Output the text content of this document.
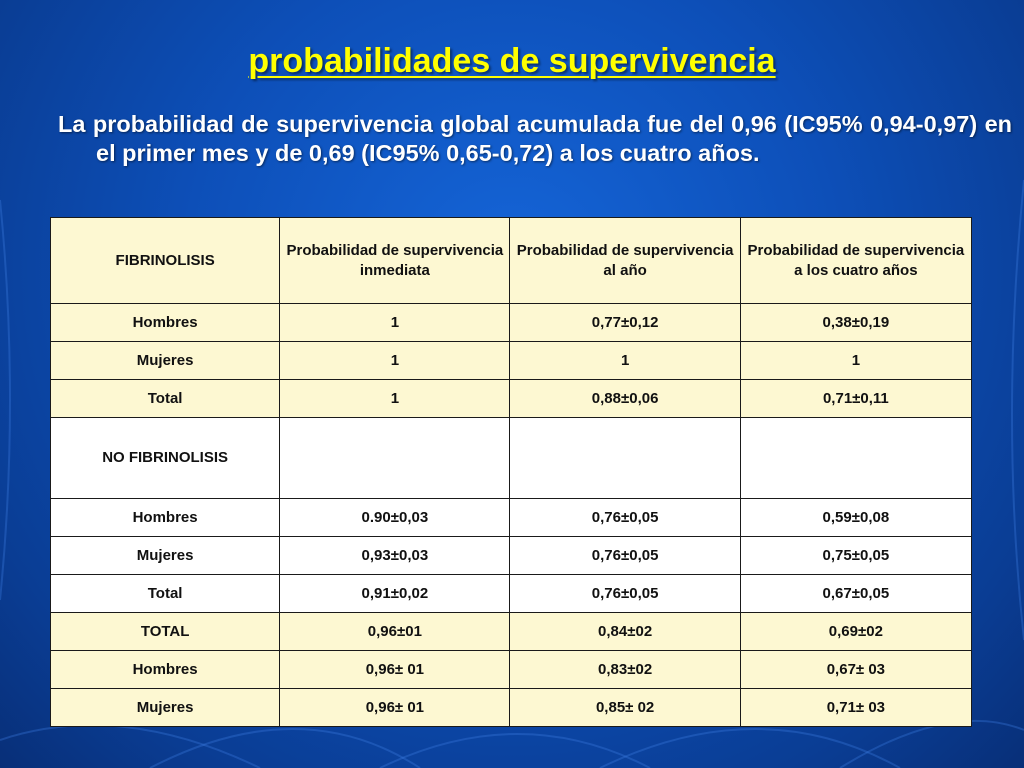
probabilidades de supervivencia
La probabilidad de supervivencia global acumulada fue del 0,96 (IC95% 0,94-0,97) en el primer mes y de 0,69 (IC95% 0,65-0,72) a los cuatro años.
FIBRINOLISIS	Probabilidad de supervivencia inmediata	Probabilidad de supervivencia al año	Probabilidad de supervivencia a los cuatro años
Hombres	1	0,77±0,12	0,38±0,19
Mujeres	1	1	1
Total	1	0,88±0,06	0,71±0,11
NO FIBRINOLISIS			
Hombres	0.90±0,03	0,76±0,05	0,59±0,08
Mujeres	0,93±0,03	0,76±0,05	0,75±0,05
Total	0,91±0,02	0,76±0,05	0,67±0,05
TOTAL	0,96±01	0,84±02	0,69±02
Hombres	0,96± 01	0,83±02	0,67± 03
Mujeres	0,96± 01	0,85± 02	0,71± 03
